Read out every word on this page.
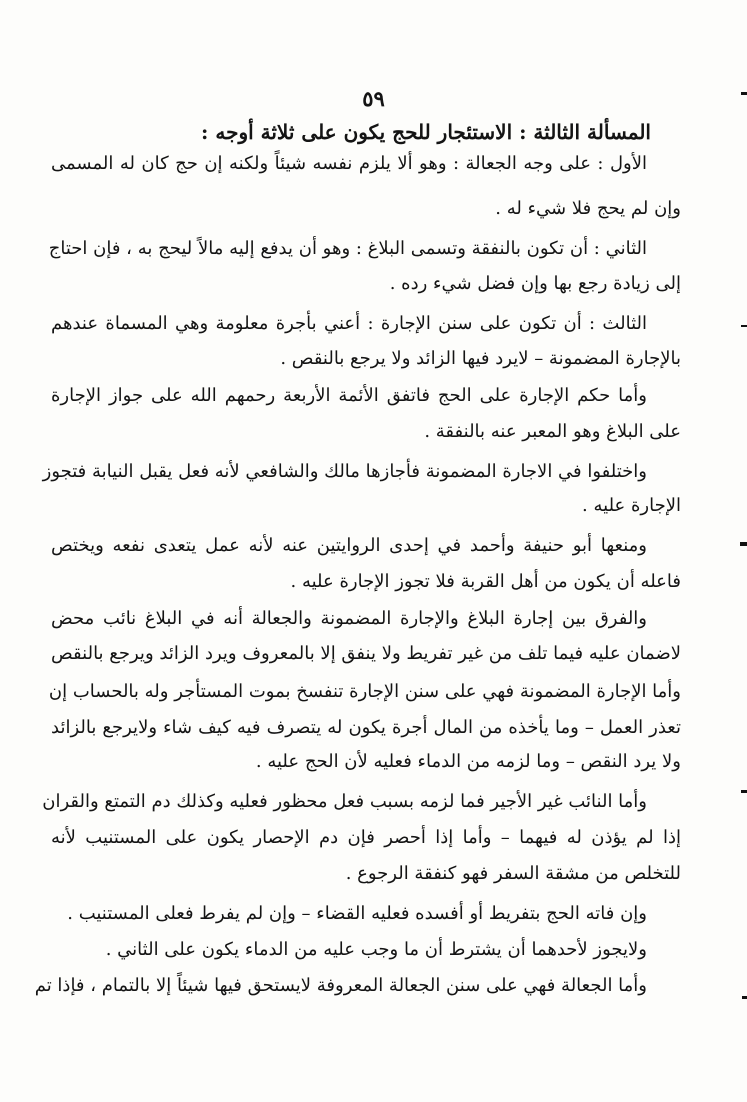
٥٩
المسألة الثالثة : الاستئجار للحج يكون على ثلاثة أوجه :
الأول : على وجه الجعالة : وهو ألا يلزم نفسه شيئاً ولكنه إن حج كان له المسمى
وإن لم يحج فلا شيء له .
الثاني : أن تكون بالنفقة وتسمى البلاغ : وهو أن يدفع إليه مالاً ليحج به ، فإن احتاج
إلى زيادة رجع بها وإن فضل شيء رده .
الثالث : أن تكون على سنن الإجارة : أعني بأجرة معلومة وهي المسماة عندهم
بالإجارة المضمونة – لايرد فيها الزائد ولا يرجع بالنقص .
وأما حكم الإجارة على الحج فاتفق الأئمة الأربعة رحمهم الله على جواز الإجارة
على البلاغ وهو المعبر عنه بالنفقة .
واختلفوا في الاجارة المضمونة فأجازها مالك والشافعي لأنه فعل يقبل النيابة فتجوز
الإجارة عليه .
ومنعها أبو حنيفة وأحمد في إحدى الروايتين عنه لأنه عمل يتعدى نفعه ويختص
فاعله أن يكون من أهل القربة فلا تجوز الإجارة عليه .
والفرق بين إجارة البلاغ والإجارة المضمونة والجعالة أنه في البلاغ نائب محض
لاضمان عليه فيما تلف من غير تفريط ولا ينفق إلا بالمعروف ويرد الزائد ويرجع بالنقص
وأما الإجارة المضمونة فهي على سنن الإجارة تنفسخ بموت المستأجر وله بالحساب إن
تعذر العمل – وما يأخذه من المال أجرة يكون له يتصرف فيه كيف شاء ولايرجع بالزائد
ولا يرد النقص – وما لزمه من الدماء فعليه لأن الحج عليه .
وأما النائب غير الأجير فما لزمه بسبب فعل محظور فعليه وكذلك دم التمتع والقران
إذا لم يؤذن له فيهما – وأما إذا أحصر فإن دم الإحصار يكون على المستنيب لأنه
للتخلص من مشقة السفر فهو كنفقة الرجوع .
وإن فاته الحج بتفريط أو أفسده فعليه القضاء – وإن لم يفرط فعلى المستنيب .
ولايجوز لأحدهما أن يشترط أن ما وجب عليه من الدماء يكون على الثاني .
وأما الجعالة فهي على سنن الجعالة المعروفة لايستحق فيها شيئاً إلا بالتمام ، فإذا تم
